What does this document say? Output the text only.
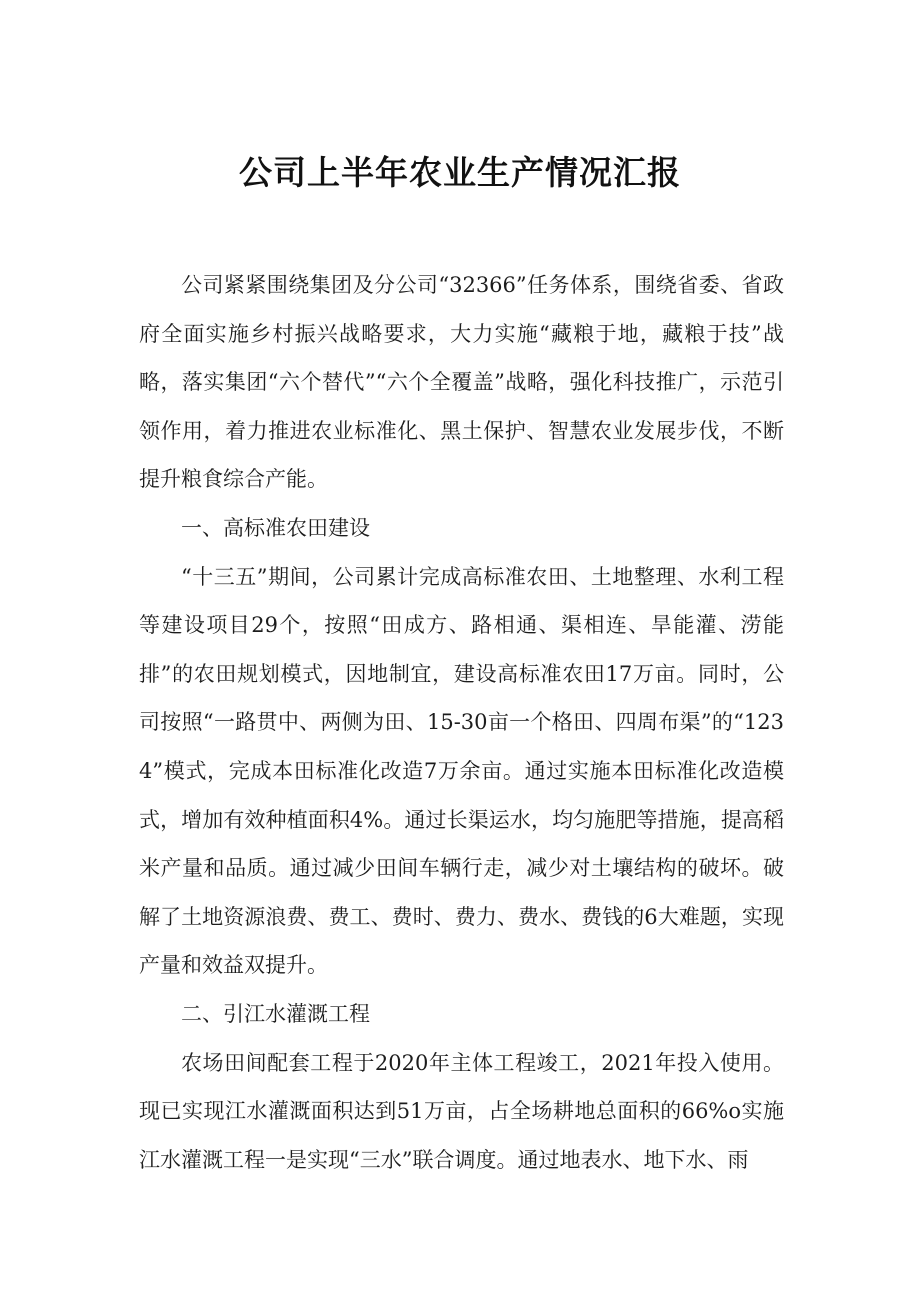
公司上半年农业生产情况汇报

公司紧紧围绕集团及分公司“32366”任务体系，围绕省委、省政府全面实施乡村振兴战略要求，大力实施“藏粮于地，藏粮于技”战略，落实集团“六个替代”“六个全覆盖”战略，强化科技推广，示范引领作用，着力推进农业标准化、黑土保护、智慧农业发展步伐，不断提升粮食综合产能。

一、高标准农田建设

“十三五”期间，公司累计完成高标准农田、土地整理、水利工程等建设项目29个，按照“田成方、路相通、渠相连、旱能灌、涝能排”的农田规划模式，因地制宜，建设高标准农田17万亩。同时，公司按照“一路贯中、两侧为田、15-30亩一个格田、四周布渠”的“1234”模式，完成本田标准化改造7万余亩。通过实施本田标准化改造模式，增加有效种植面积4%。通过长渠运水，均匀施肥等措施，提高稻米产量和品质。通过减少田间车辆行走，减少对土壤结构的破坏。破解了土地资源浪费、费工、费时、费力、费水、费钱的6大难题，实现产量和效益双提升。

二、引江水灌溉工程

农场田间配套工程于2020年主体工程竣工，2021年投入使用。现已实现江水灌溉面积达到51万亩，占全场耕地总面积的66%o实施江水灌溉工程一是实现“三水”联合调度。通过地表水、地下水、雨
